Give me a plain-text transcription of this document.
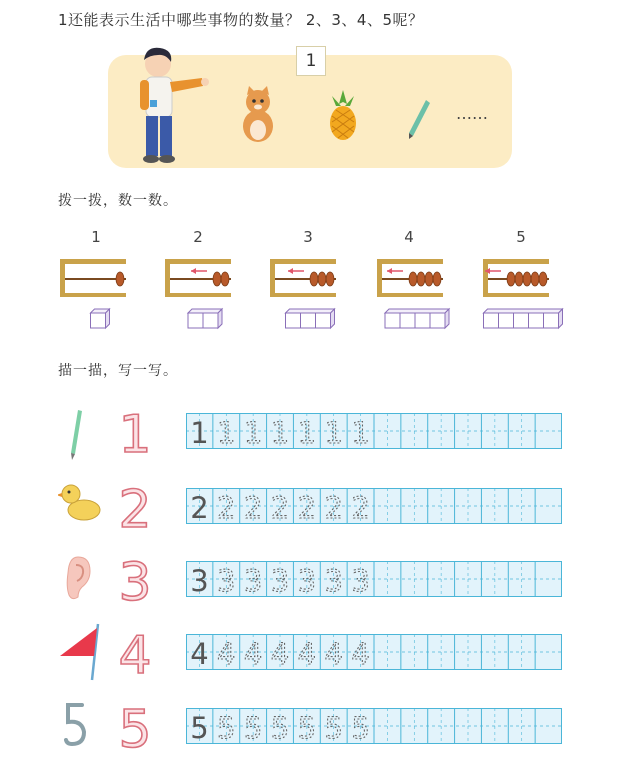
1还能表示生活中哪些事物的数量？ 2、3、4、5呢？
1
……
拨一拨，数一数。
1	2	3	4	5
描一描，写一写。
1
2
3
4
5
1 1 1 1 1 1 1
2 2 2 2 2 2 2
3 3 3 3 3 3 3
4 4 4 4 4 4 4
5 5 5 5 5 5 5
